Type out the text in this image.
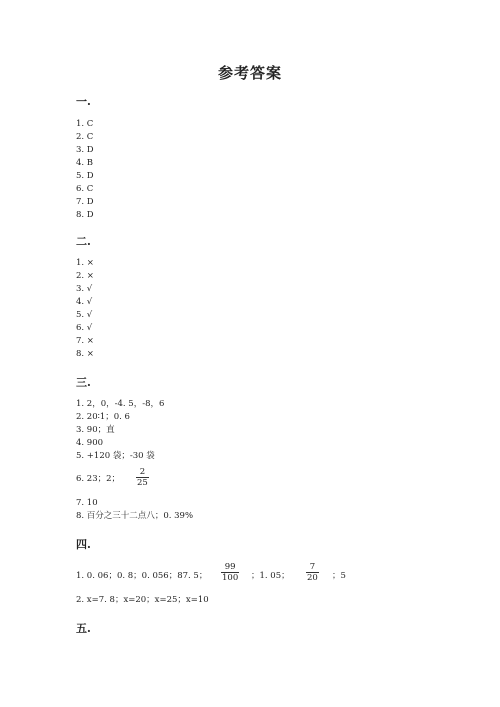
参考答案
一.
1. C
2. C
3. D
4. B
5. D
6. C
7. D
8. D
二.
1. ×
2. ×
3. √
4. √
5. √
6. √
7. ×
8. ×
三.
1. 2，0，-4. 5，-8，6
2. 20∶1；0. 6
3. 90；直
4. 900
5. +120 袋；-30 袋
6. 23；2； $\frac{2}{25}$
7. 10
8. 百分之三十二点八；0. 39%
四.
1. 0. 06；0. 8；0. 056；87. 5； $\frac{99}{100}$ ；1. 05； $\frac{7}{20}$ ；5
2. x=7. 8；x=20；x=25；x=10
五.
